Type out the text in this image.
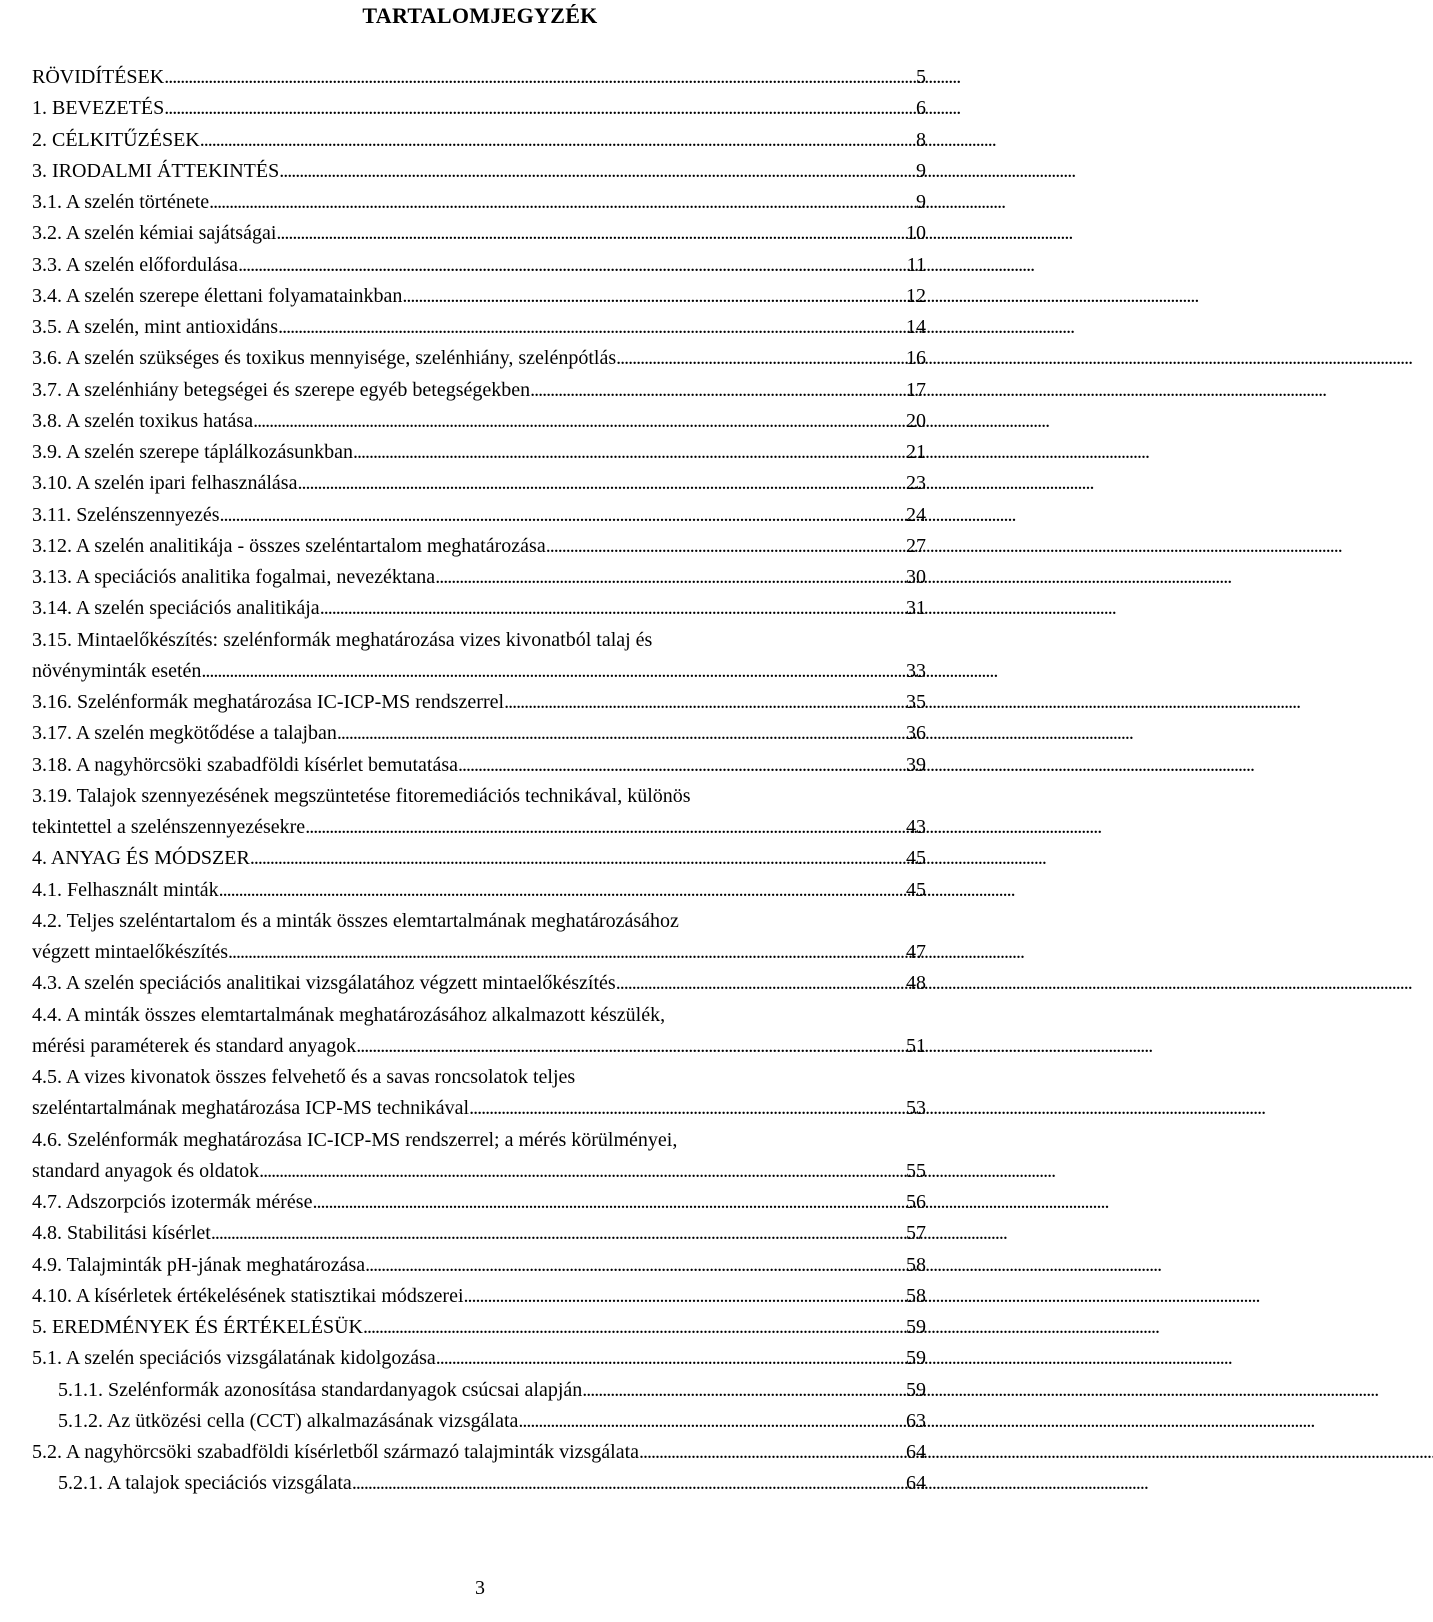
TARTALOMJEGYZÉK
RÖVIDÍTÉSEK . . .	5
1. BEVEZETÉS . . .	6
2. CÉLKITŰZÉSEK . . .	8
3. IRODALMI ÁTTEKINTÉS . . .	9
3.1. A szelén története . . .	9
3.2. A szelén kémiai sajátságai . . .	10
3.3. A szelén előfordulása . . .	11
3.4. A szelén szerepe élettani folyamatainkban . . .	12
3.5. A szelén, mint antioxidáns . . .	14
3.6. A szelén szükséges és toxikus mennyisége, szelénhiány, szelénpótlás . . .	16
3.7. A szelénhiány betegségei és szerepe egyéb betegségekben . . .	17
3.8. A szelén toxikus hatása . . .	20
3.9. A szelén szerepe táplálkozásunkban . . .	21
3.10. A szelén ipari felhasználása . . .	23
3.11. Szelénszennyezés . . .	24
3.12. A szelén analitikája - összes szeléntartalom meghatározása . . .	27
3.13. A speciációs analitika fogalmai, nevezéktana . . .	30
3.14. A szelén speciációs analitikája . . .	31
3.15. Mintaelőkészítés: szelénformák meghatározása vizes kivonatból talaj és
növényminták esetén . . .	33
3.16. Szelénformák meghatározása IC-ICP-MS rendszerrel . . .	35
3.17. A szelén megkötődése a talajban . . .	36
3.18. A nagyhörcsöki szabadföldi kísérlet bemutatása . . .	39
3.19. Talajok szennyezésének megszüntetése fitoremediációs technikával, különös
tekintettel a szelénszennyezésekre . . .	43
4. ANYAG ÉS MÓDSZER . . .	45
4.1. Felhasznált minták . . .	45
4.2. Teljes szeléntartalom és a minták összes elemtartalmának meghatározásához
végzett mintaelőkészítés . . .	47
4.3. A szelén speciációs analitikai vizsgálatához végzett mintaelőkészítés . . .	48
4.4. A minták összes elemtartalmának meghatározásához alkalmazott készülék,
mérési paraméterek és standard anyagok . . .	51
4.5. A vizes kivonatok összes felvehető és a savas roncsolatok teljes
szeléntartalmának meghatározása ICP-MS technikával . . .	53
4.6. Szelénformák meghatározása IC-ICP-MS rendszerrel; a mérés körülményei,
standard anyagok és oldatok . . .	55
4.7. Adszorpciós izotermák mérése . . .	56
4.8. Stabilitási kísérlet . . .	57
4.9. Talajminták pH-jának meghatározása . . .	58
4.10. A kísérletek értékelésének statisztikai módszerei . . .	58
5. EREDMÉNYEK ÉS ÉRTÉKELÉSÜK . . .	59
5.1. A szelén speciációs vizsgálatának kidolgozása . . .	59
5.1.1. Szelénformák azonosítása standardanyagok csúcsai alapján . . .	59
5.1.2. Az ütközési cella (CCT) alkalmazásának vizsgálata . . .	63
5.2. A nagyhörcsöki szabadföldi kísérletből származó talajminták vizsgálata . . .	64
5.2.1. A talajok speciációs vizsgálata . . .	64
3
